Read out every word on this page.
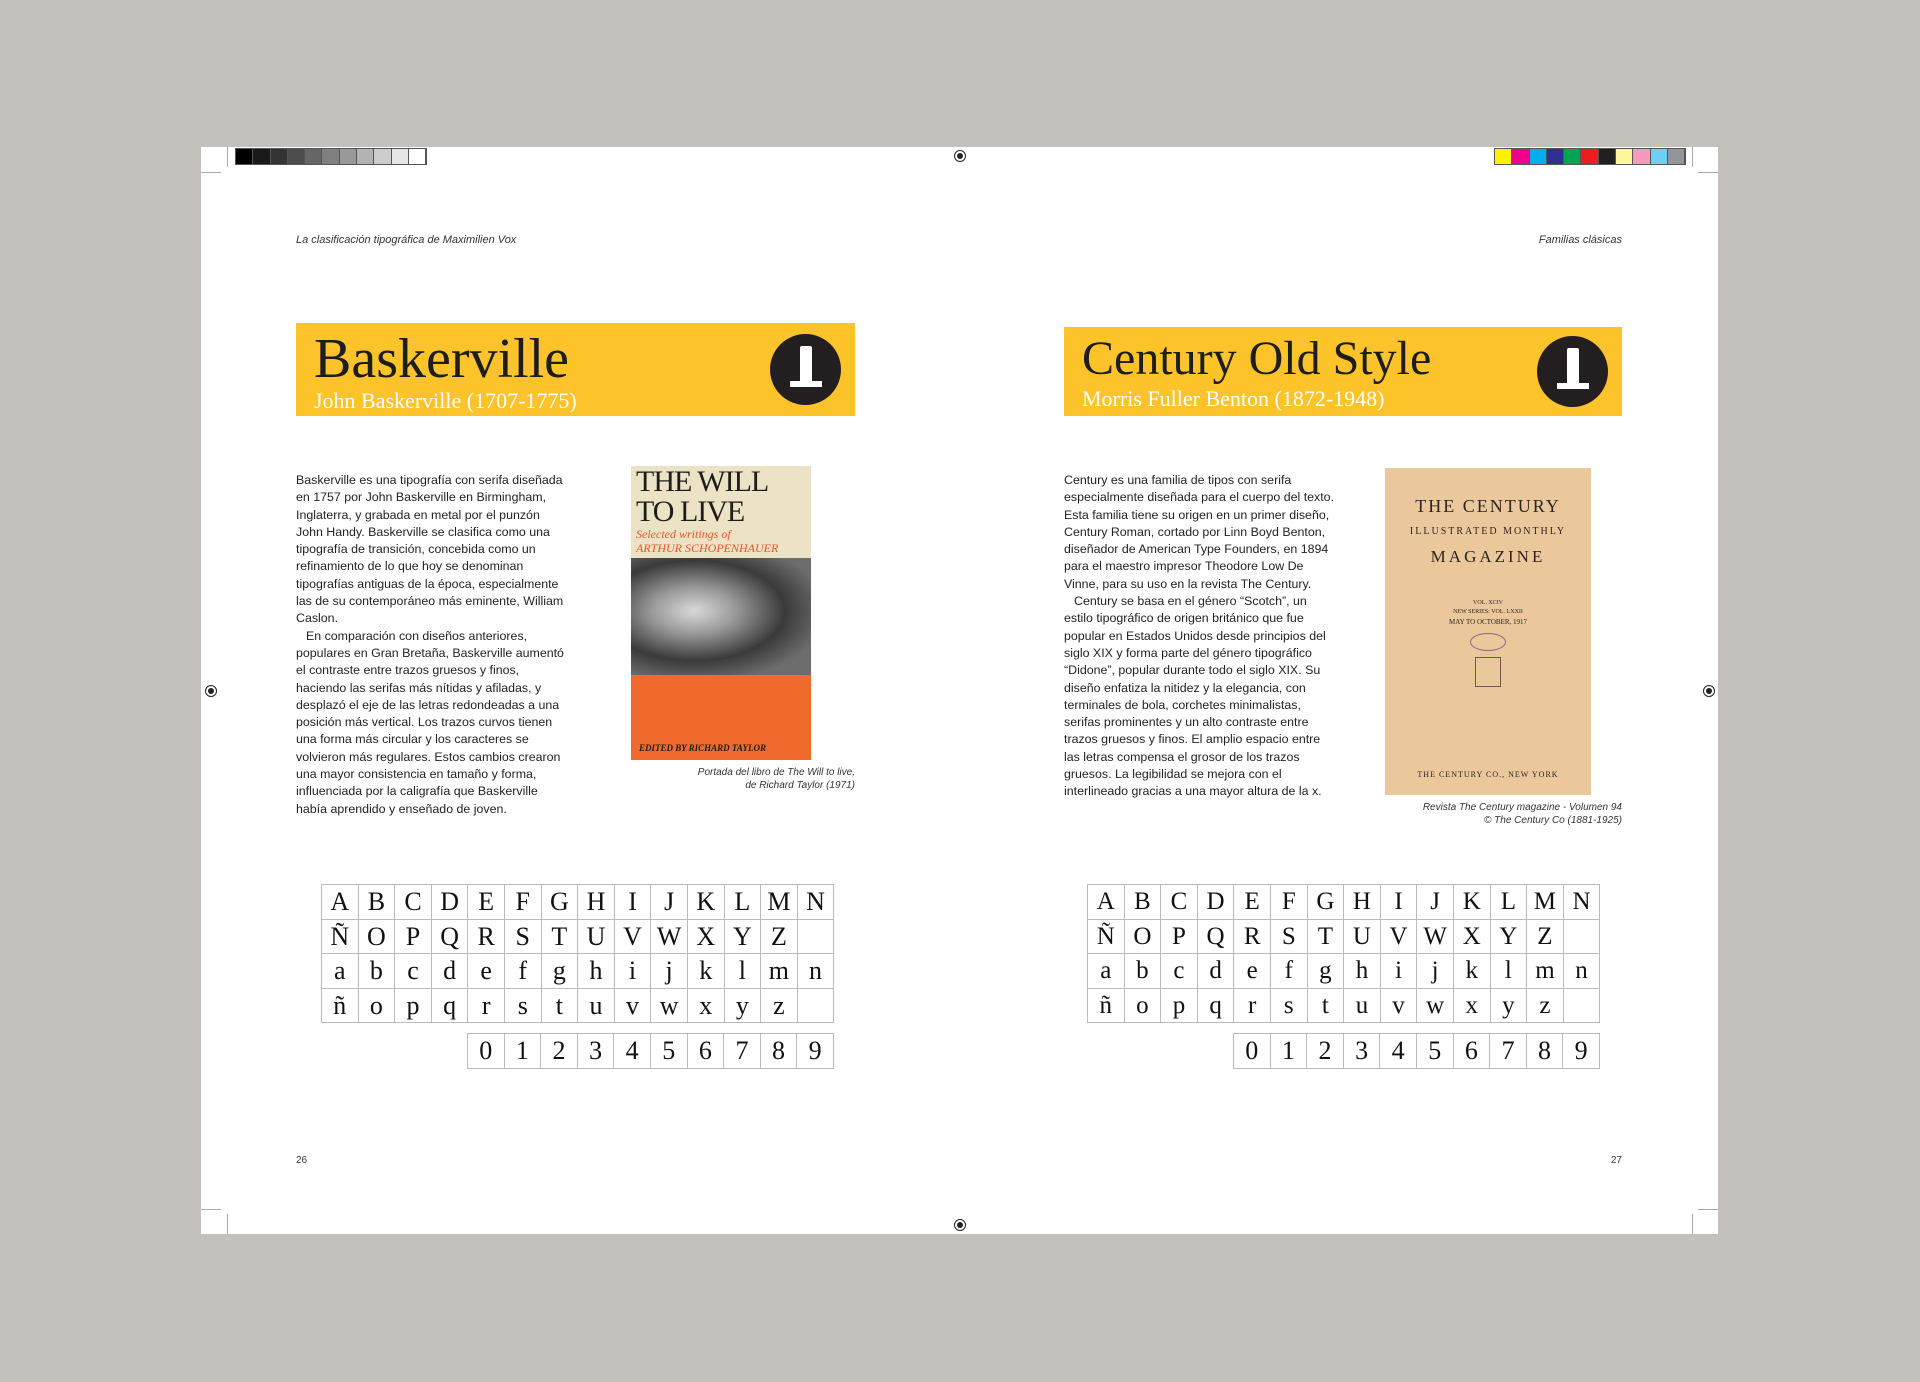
La clasificación tipográfica de Maximilien Vox	Familias clásicas
Baskerville
John Baskerville (1707-1775)
Century Old Style
Morris Fuller Benton (1872-1948)

Baskerville es una tipografía con serifa diseñada en 1757 por John Baskerville en Birmingham, Inglaterra, y grabada en metal por el punzón John Handy. Baskerville se clasifica como una tipografía de transición, concebida como un refinamiento de lo que hoy se denominan tipografías antiguas de la época, especialmente las de su contemporáneo más eminente, William Caslon.

En comparación con diseños anteriores, populares en Gran Bretaña, Baskerville aumentó el contraste entre trazos gruesos y finos, haciendo las serifas más nítidas y afiladas, y desplazó el eje de las letras redondeadas a una posición más vertical. Los trazos curvos tienen una forma más circular y los caracteres se volvieron más regulares. Estos cambios crearon una mayor consistencia en tamaño y forma, influenciada por la caligrafía que Baskerville había aprendido y enseñado de joven.

Century es una familia de tipos con serifa especialmente diseñada para el cuerpo del texto. Esta familia tiene su origen en un primer diseño, Century Roman, cortado por Linn Boyd Benton, diseñador de American Type Founders, en 1894 para el maestro impresor Theodore Low De Vinne, para su uso en la revista The Century.

Century se basa en el género “Scotch”, un estilo tipográfico de origen británico que fue popular en Estados Unidos desde principios del siglo XIX y forma parte del género tipográfico “Didone”, popular durante todo el siglo XIX. Su diseño enfatiza la nitidez y la elegancia, con terminales de bola, corchetes minimalistas, serifas prominentes y un alto contraste entre trazos gruesos y finos. El amplio espacio entre las letras compensa el grosor de los trazos gruesos. La legibilidad se mejora con el interlineado gracias a una mayor altura de la x.

THE WILL TO LIVE
Selected writings of
ARTHUR SCHOPENHAUER
EDITED BY RICHARD TAYLOR
Portada del libro de The Will to live,
de Richard Taylor (1971)
THE CENTURY
ILLUSTRATED MONTHLY
MAGAZINE
VOL. XCIV
NEW SERIES: VOL. LXXII
MAY TO OCTOBER, 1917
THE CENTURY CO., NEW YORK
Revista The Century magazine - Volumen 94
© The Century Co (1881-1925)
A B C D E F G H I	J K L M N
Ñ O P Q R S T U V W X Y Z
a b c d e	f g h	i	j	k	l m n
ñ o p q r	s	t	u v w x y z
0 1 2 3 4 5 6 7 8 9
A B C D E F G H I	J K L M N
Ñ O P Q R S T U V W X Y Z
a b c d e	f	g h	i	j	k	l m n
ñ o p q	r	s	t	u v w x y z
0 1 2 3 4 5 6 7 8 9
26	27
